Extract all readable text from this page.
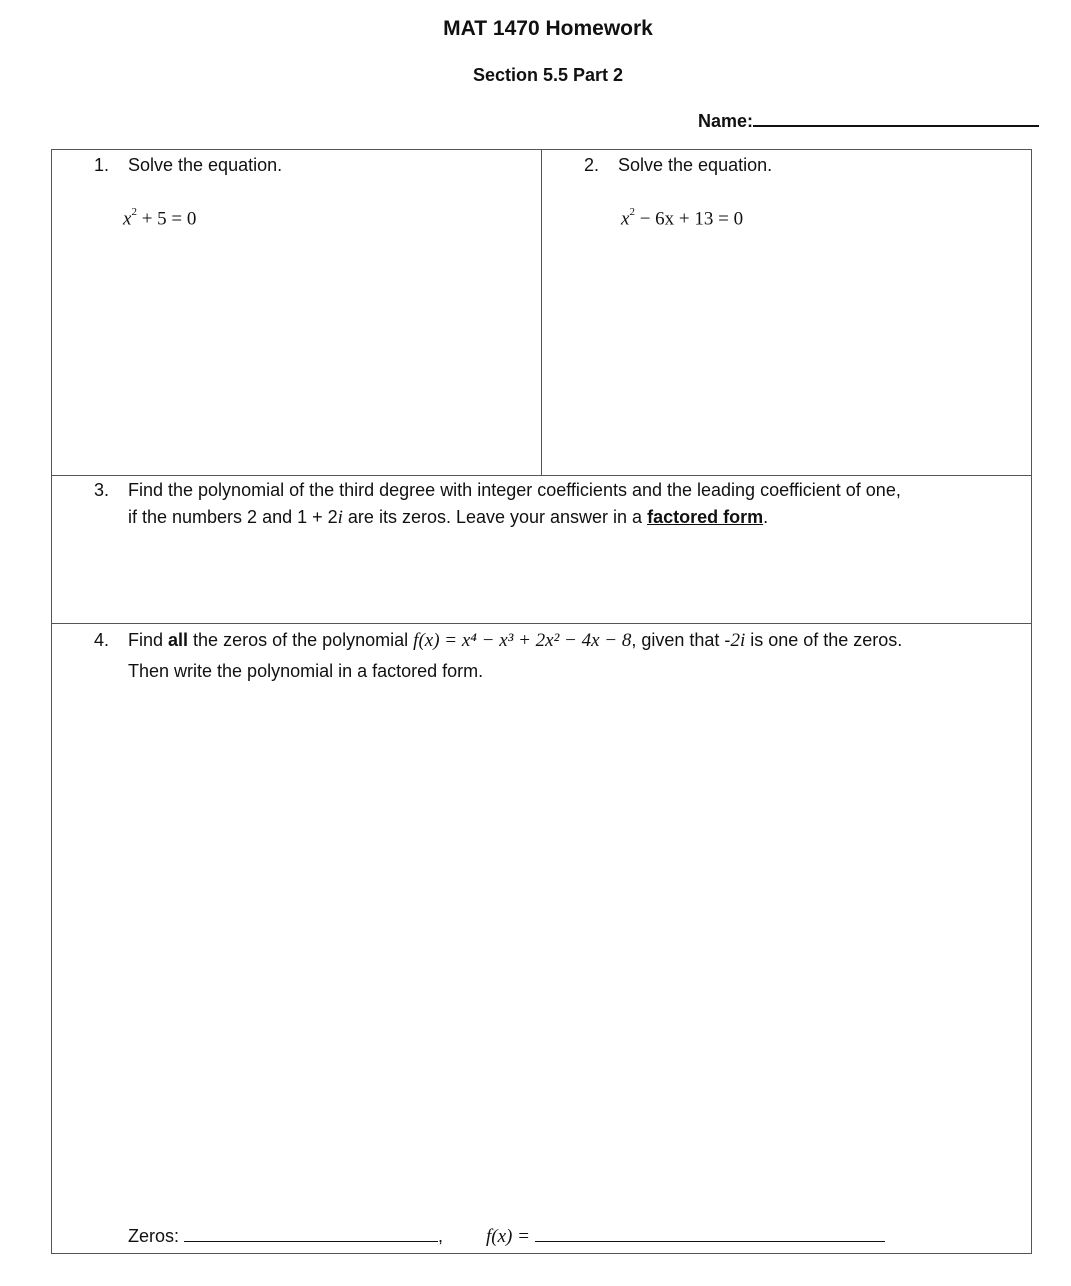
MAT 1470 Homework
Section 5.5 Part 2
Name:
1. Solve the equation.
$x^2 + 5 = 0$
2. Solve the equation.
$x^2 - 6x + 13 = 0$
3. Find the polynomial of the third degree with integer coefficients and the leading coefficient of one,
if the numbers 2 and 1 + 2i are its zeros. Leave your answer in a factored form.
4. Find all the zeros of the polynomial f(x) = x⁴ − x³ + 2x² − 4x − 8, given that -2i is one of the zeros.
Then write the polynomial in a factored form.
Zeros:	, f(x) =
